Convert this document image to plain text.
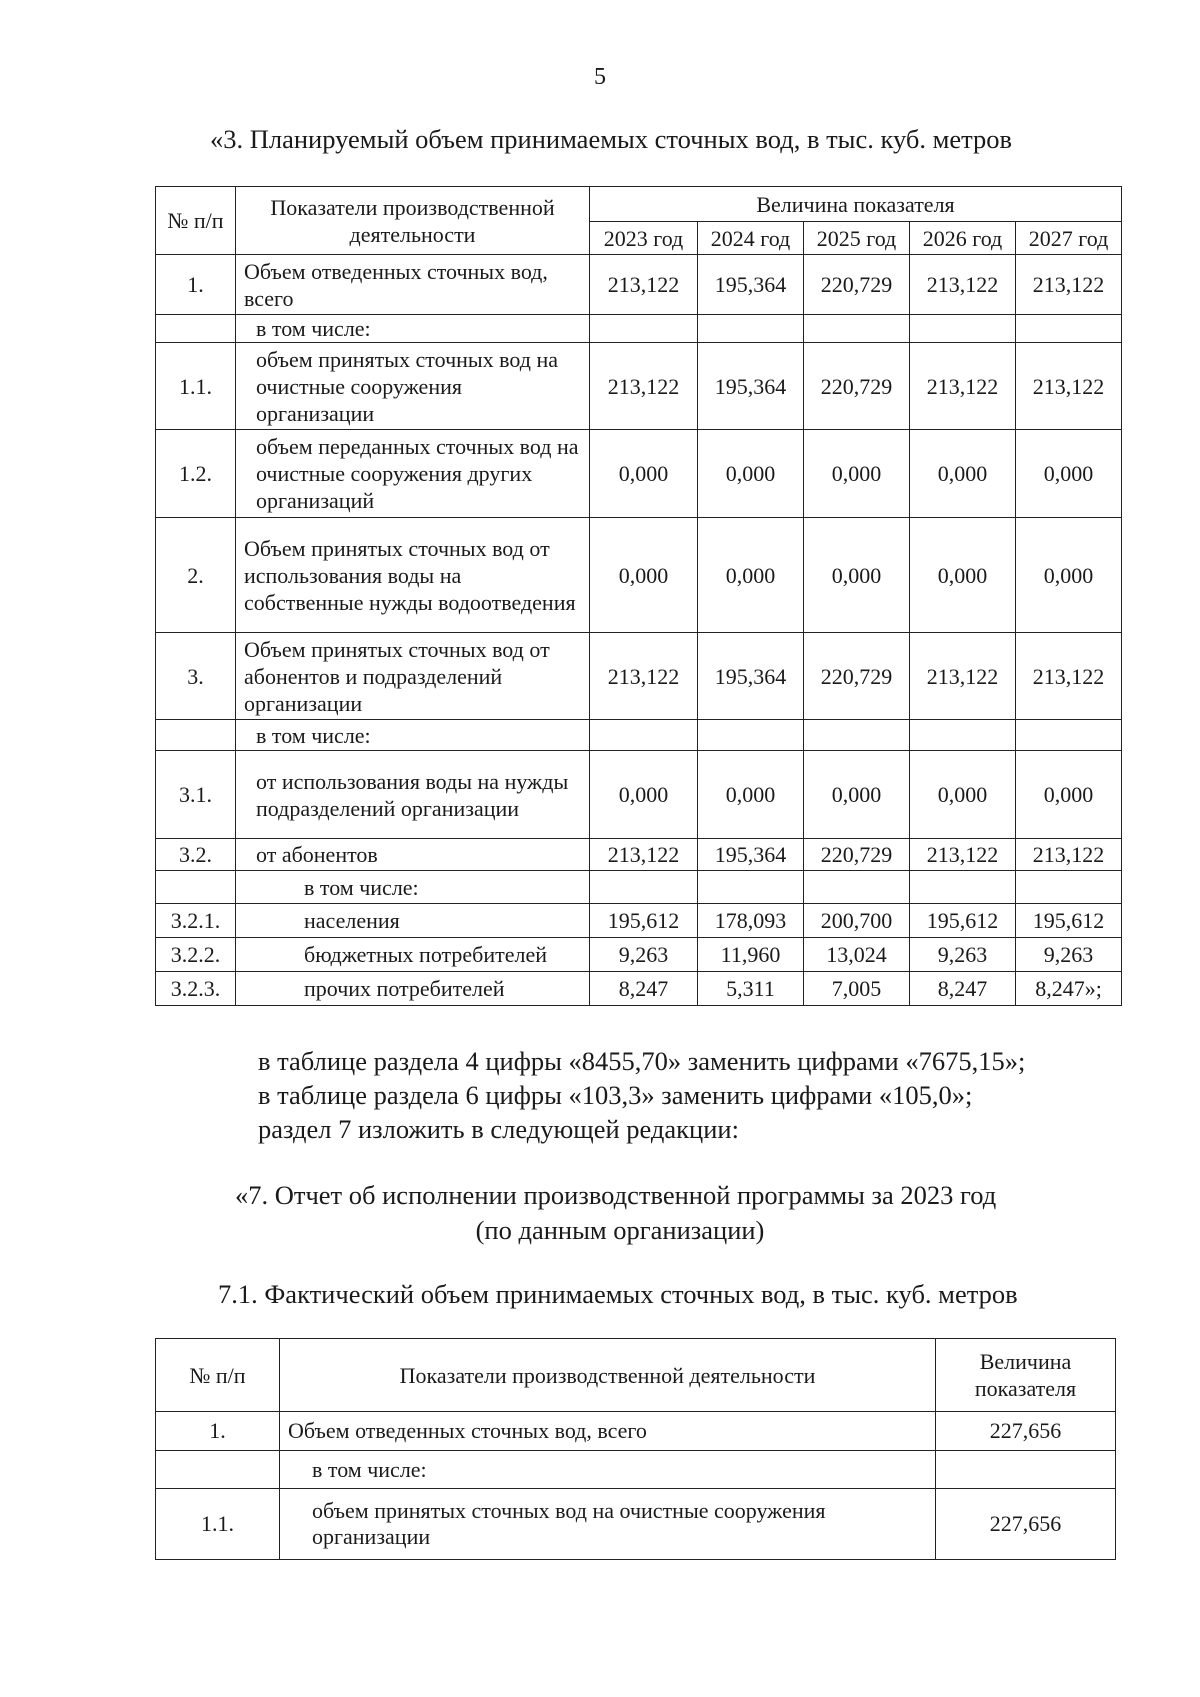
5
«3. Планируемый объем принимаемых сточных вод, в тыс. куб. метров
№ п/п	Показатели производственной деятельности	Величина показателя				
		2023 год	2024 год	2025 год	2026 год	2027 год
1.	Объем отведенных сточных вод, всего	213,122	195,364	220,729	213,122	213,122
	в том числе:					
1.1.	объем принятых сточных вод на очистные сооружения организации	213,122	195,364	220,729	213,122	213,122
1.2.	объем переданных сточных вод на очистные сооружения других организаций	0,000	0,000	0,000	0,000	0,000
2.	Объем принятых сточных вод от использования воды на собственные нужды водоотведения	0,000	0,000	0,000	0,000	0,000
3.	Объем принятых сточных вод от абонентов и подразделений организации	213,122	195,364	220,729	213,122	213,122
	в том числе:					
3.1.	от использования воды на нужды подразделений организации	0,000	0,000	0,000	0,000	0,000
3.2.	от абонентов	213,122	195,364	220,729	213,122	213,122
	в том числе:					
3.2.1.	населения	195,612	178,093	200,700	195,612	195,612
3.2.2.	бюджетных потребителей	9,263	11,960	13,024	9,263	9,263
3.2.3.	прочих потребителей	8,247	5,311	7,005	8,247	8,247»;
в таблице раздела 4 цифры «8455,70» заменить цифрами «7675,15»;
в таблице раздела 6 цифры «103,3» заменить цифрами «105,0»;
раздел 7 изложить в следующей редакции:
«7. Отчет об исполнении производственной программы за 2023 год
(по данным организации)
7.1. Фактический объем принимаемых сточных вод, в тыс. куб. метров
№ п/п	Показатели производственной деятельности	Величина показателя
1.	Объем отведенных сточных вод, всего	227,656
	в том числе:	
1.1.	объем принятых сточных вод на очистные сооружения организации	227,656
